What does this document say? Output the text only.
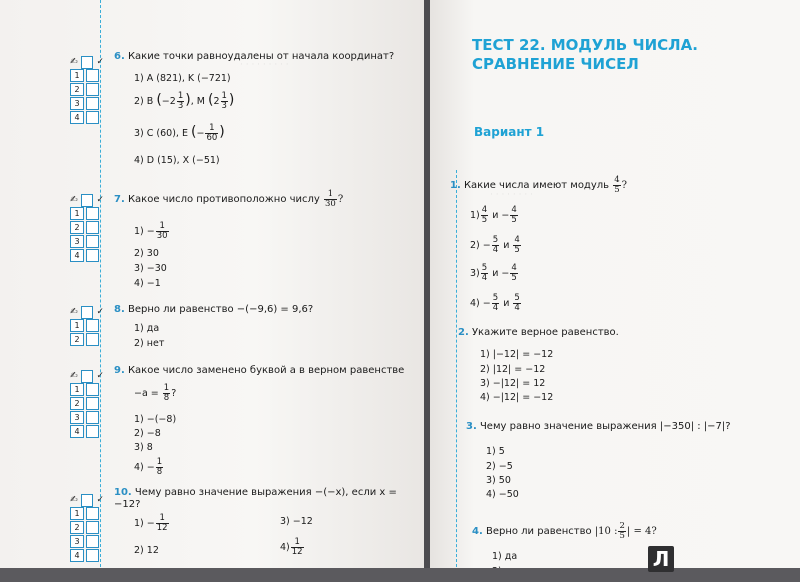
· · · · · · · · ·
✍ ✓
1
2
3
4
6. Какие точки равноудалены от начала координат?
1) A (821), K (−721)
2) B ($-2 \frac{1}{3}$ ), M ($2 \frac{1}{3}$ )
3) C (60), E (− $\frac{1}{60}$ )
4) D (15), X (−51)
✍ ✓
1
2
3
4
7. Какое число противоположно числу $\frac{1}{30}$ ?
$1) - \frac{1}{30}$
2) 30
3) −30
4) −1
✍ ✓
1
2
8. Верно ли равенство −(−9,6) = 9,6?
1) да
2) нет
✍ ✓
1
2
3
4
9. Какое число заменено буквой a в верном равенстве
$-a = \frac{1}{8}$ ?
1) −(−8)
2) −8
3) 8
$4) - \frac{1}{8}$
✍ ✓
1
2
3
4
10. Чему равно значение выражения −(−x), если x = −12?
$1) - \frac{1}{12}$
2) 12
3) −12
$4) \frac{1}{12}$
· · · · · · · ·
ТЕСТ 22. МОДУЛЬ ЧИСЛА.
СРАВНЕНИЕ ЧИСЕЛ
Вариант 1
1. Какие числа имеют модуль $\frac{4}{5}$ ?
$1) \frac{4}{5}$ $и - \frac{4}{5}$
$2) - \frac{5}{4}$ и $\frac{4}{5}$
$3) \frac{5}{4}$ $и - \frac{4}{5}$
$4) - \frac{5}{4}$ и $\frac{5}{4}$
2. Укажите верное равенство.
1) |−12| = −12
2) |12| = −12
3) −|12| = 12
4) −|12| = −12
3. Чему равно значение выражения |−350| : |−7|?
1) 5
2) −5
3) 50
4) −50
4. Верно ли равенство |10 : $\frac{2}{5}$ | = 4?
1) да	Л
